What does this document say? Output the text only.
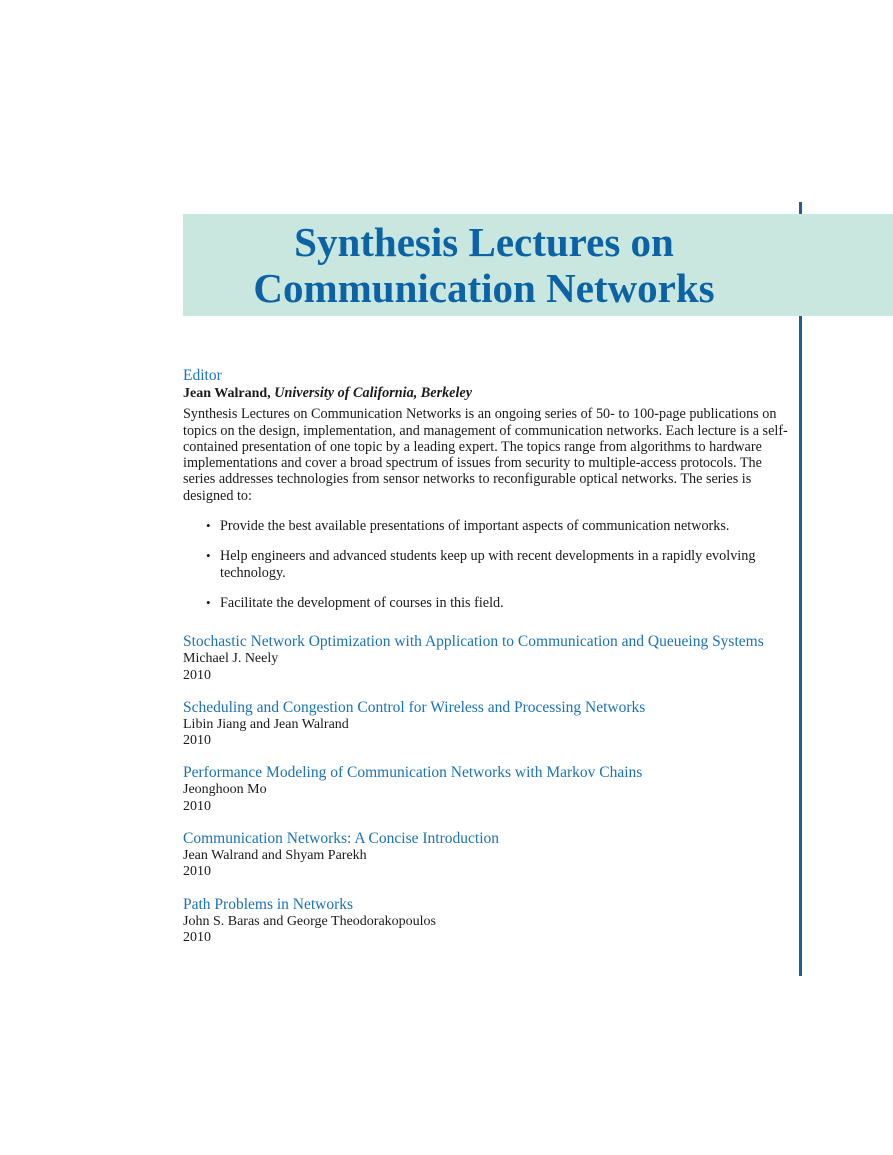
Synthesis Lectures on
Communication Networks
Editor
Jean Walrand, University of California, Berkeley
Synthesis Lectures on Communication Networks is an ongoing series of 50- to 100-page publications on topics on the design, implementation, and management of communication networks. Each lecture is a self-contained presentation of one topic by a leading expert. The topics range from algorithms to hardware implementations and cover a broad spectrum of issues from security to multiple-access protocols. The series addresses technologies from sensor networks to reconfigurable optical networks. The series is designed to:
• Provide the best available presentations of important aspects of communication networks.
• Help engineers and advanced students keep up with recent developments in a rapidly evolving technology.
• Facilitate the development of courses in this field.
Stochastic Network Optimization with Application to Communication and Queueing Systems
Michael J. Neely
2010
Scheduling and Congestion Control for Wireless and Processing Networks
Libin Jiang and Jean Walrand
2010
Performance Modeling of Communication Networks with Markov Chains
Jeonghoon Mo
2010
Communication Networks: A Concise Introduction
Jean Walrand and Shyam Parekh
2010
Path Problems in Networks
John S. Baras and George Theodorakopoulos
2010
